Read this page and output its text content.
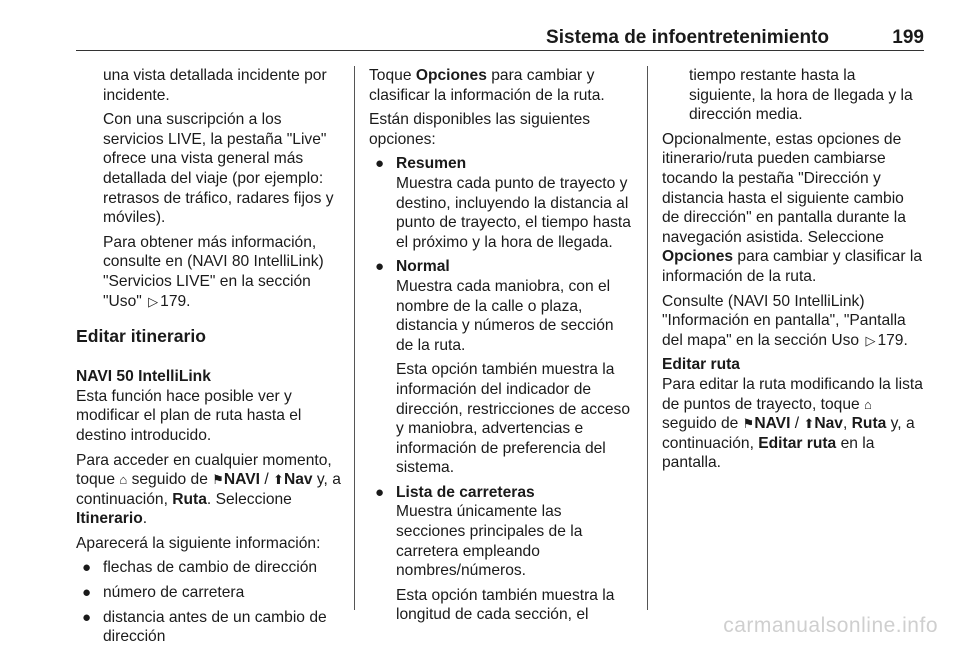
Sistema de infoentretenimiento	199

una vista detallada incidente por incidente.

Con una suscripción a los servicios LIVE, la pestaña "Live" ofrece una vista general más detallada del viaje (por ejemplo: retrasos de tráfico, radares fijos y móviles).

Para obtener más información, consulte en (NAVI 80 IntelliLink) "Servicios LIVE" en la sección "Uso" ▷ 179.

Editar itinerario
NAVI 50 IntelliLink

Esta función hace posible ver y modificar el plan de ruta hasta el destino introducido.

Para acceder en cualquier momento, toque ⌂ seguido de ⚑NAVI / ⬆Nav y, a continuación, Ruta. Seleccione Itinerario.

Aparecerá la siguiente información:

● flechas de cambio de dirección
● número de carretera
● distancia antes de un cambio de dirección

Toque Opciones para cambiar y clasificar la información de la ruta.

Están disponibles las siguientes opciones:

● Resumen
Muestra cada punto de trayecto y destino, incluyendo la distancia al punto de trayecto, el tiempo hasta el próximo y la hora de llegada.
● Normal

Muestra cada maniobra, con el nombre de la calle o plaza, distancia y números de sección de la ruta.

Esta opción también muestra la información del indicador de dirección, restricciones de acceso y maniobra, advertencias e información de preferencia del sistema.
● Lista de carreteras

Muestra únicamente las secciones principales de la carretera empleando nombres/números.

Esta opción también muestra la longitud de cada sección, el

tiempo restante hasta la siguiente, la hora de llegada y la dirección media.

Opcionalmente, estas opciones de itinerario/ruta pueden cambiarse tocando la pestaña "Dirección y distancia hasta el siguiente cambio de dirección" en pantalla durante la navegación asistida. Seleccione Opciones para cambiar y clasificar la información de la ruta.

Consulte (NAVI 50 IntelliLink) "Información en pantalla", "Pantalla del mapa" en la sección Uso ▷ 179.

Editar ruta

Para editar la ruta modificando la lista de puntos de trayecto, toque ⌂ seguido de ⚑NAVI / ⬆Nav, Ruta y, a continuación, Editar ruta en la pantalla.

carmanualsonline.info
